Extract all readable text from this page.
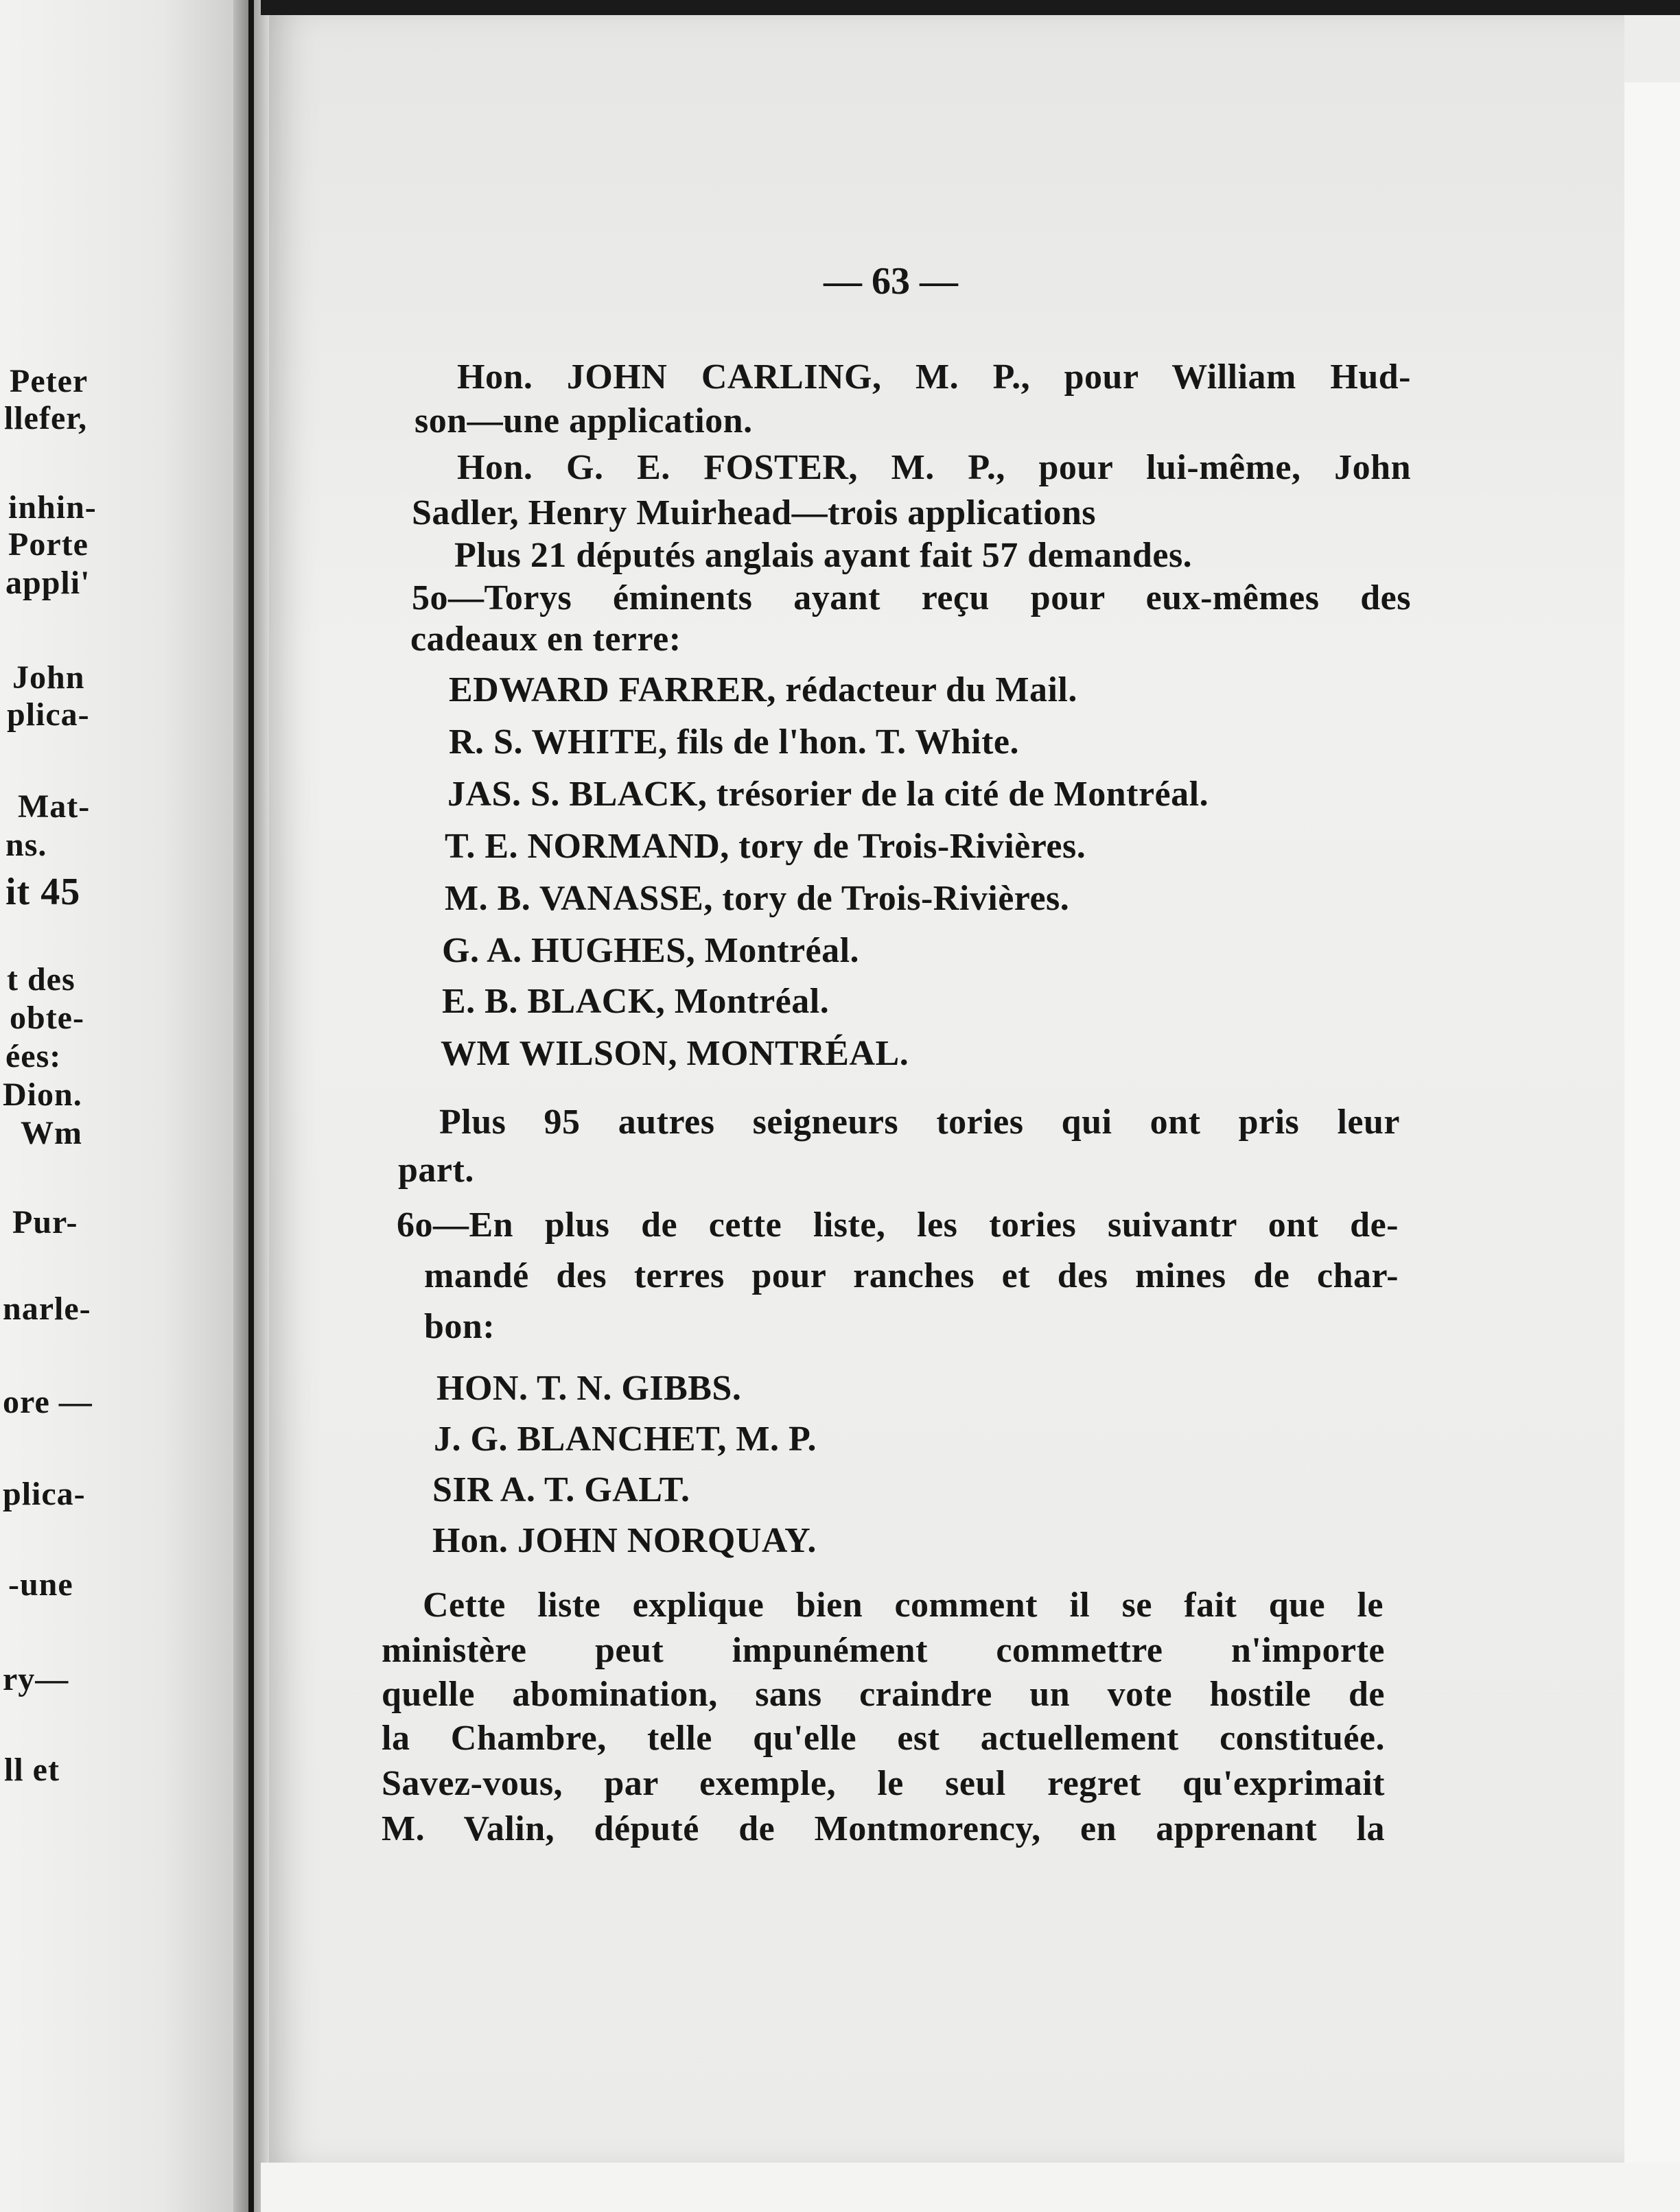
Peter
llefer,
inhin-
Porte
appli'
John
plica-
Mat-
ns.
it 45
t des
obte-
ées:
Dion.
Wm
Pur-
narle-
ore —
plica-
-une
ry—
ll et
— 63 —
Hon. JOHN CARLING, M. P., pour William Hud-
son—une application.
Hon. G. E. FOSTER, M. P., pour lui-même, John
Sadler, Henry Muirhead—trois applications
Plus 21 députés anglais ayant fait 57 demandes.
5o—Torys éminents ayant reçu pour eux-mêmes des
cadeaux en terre:
EDWARD FARRER, rédacteur du Mail.
R. S. WHITE, fils de l'hon. T. White.
JAS. S. BLACK, trésorier de la cité de Montréal.
T. E. NORMAND, tory de Trois-Rivières.
M. B. VANASSE, tory de Trois-Rivières.
G. A. HUGHES, Montréal.
E. B. BLACK, Montréal.
WM WILSON, MONTRÉAL.
Plus 95 autres seigneurs tories qui ont pris leur
part.
6o—En plus de cette liste, les tories suivantr ont de-
mandé des terres pour ranches et des mines de char-
bon:
HON. T. N. GIBBS.
J. G. BLANCHET, M. P.
SIR A. T. GALT.
Hon. JOHN NORQUAY.
Cette liste explique bien comment il se fait que le
ministère peut impunément commettre n'importe
quelle abomination, sans craindre un vote hostile de
la Chambre, telle qu'elle est actuellement constituée.
Savez-vous, par exemple, le seul regret qu'exprimait
M. Valin, député de Montmorency, en apprenant la
